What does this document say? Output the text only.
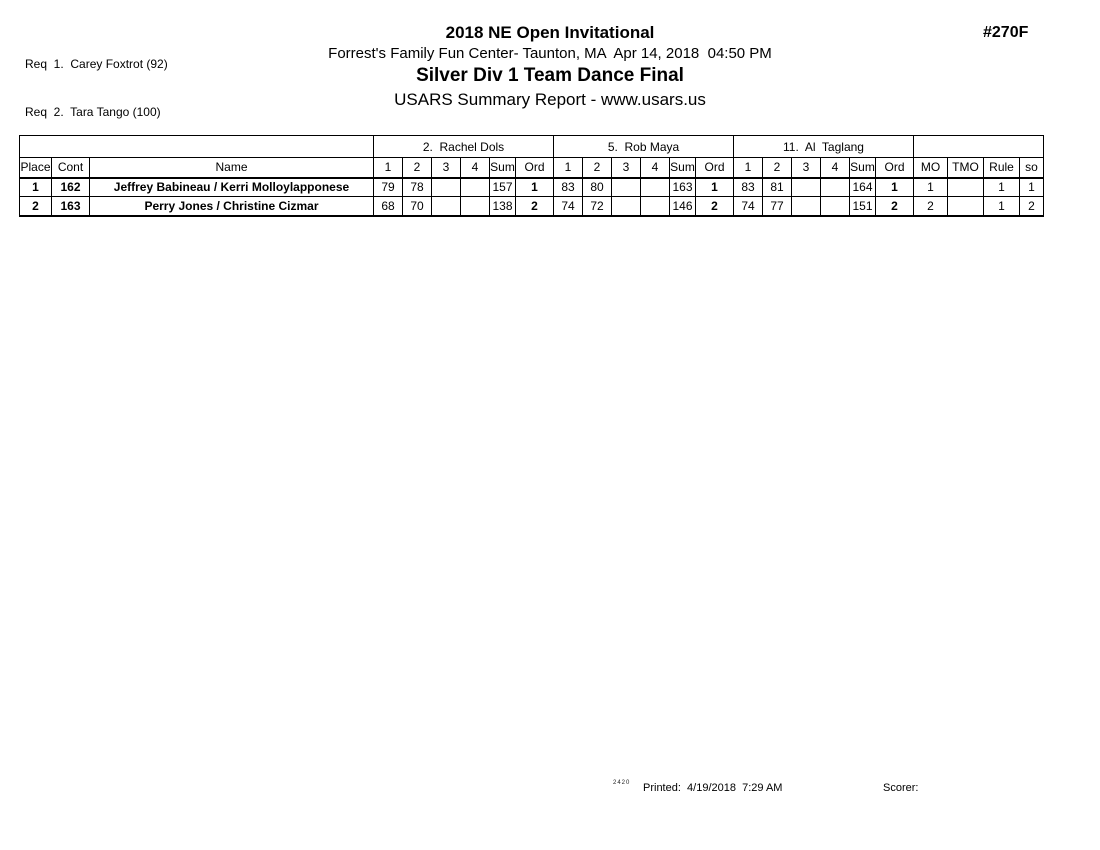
Req  1.  Carey Foxtrot (92)

Req  2.  Tara Tango (100)

2018 NE Open Invitational
Forrest's Family Fun Center- Taunton, MA  Apr 14, 2018  04:50 PM
Silver Div 1 Team Dance Final
USARS Summary Report - www.usars.us
#270F
			2.  Rachel Dols						5.  Rob Maya						11.  Al  Taglang									
Place	Cont	Name	1	2	3	4	Sum	Ord	1	2	3	4	Sum	Ord	1	2	3	4	Sum	Ord	MO	TMO	Rule	so
1	162	Jeffrey Babineau / Kerri Molloylapponese	79	78			157	1	83	80			163	1	83	81			164	1	1		1	1
2	163	Perry Jones / Christine Cizmar	68	70			138	2	74	72			146	2	74	77			151	2	2		1	2
2420 Printed: 4/19/2018  7:29 AM	Scorer:
